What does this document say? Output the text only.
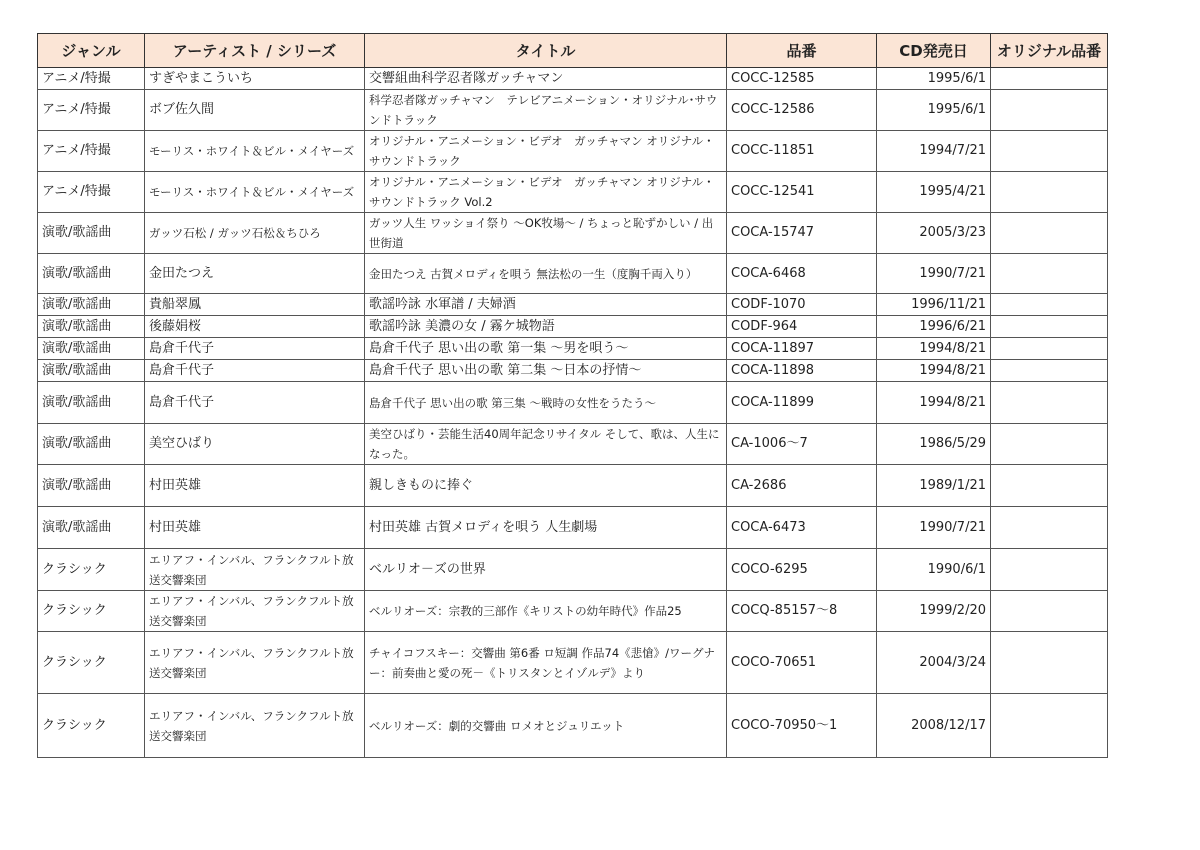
ジャンル	アーティスト / シリーズ	タイトル	品番	CD発売日	オリジナル品番
アニメ/特撮	すぎやまこういち	交響組曲科学忍者隊ガッチャマン	COCC-12585	1995/6/1	
アニメ/特撮	ボブ佐久間	科学忍者隊ガッチャマン　テレビアニメーション・オリジナル･サウンドトラック	COCC-12586	1995/6/1	
アニメ/特撮	モーリス・ホワイト＆ビル・メイヤーズ	オリジナル・アニメーション・ビデオ　ガッチャマン オリジナル・サウンドトラック	COCC-11851	1994/7/21	
アニメ/特撮	モーリス・ホワイト＆ビル・メイヤーズ	オリジナル・アニメーション・ビデオ　ガッチャマン オリジナル・サウンドトラック Vol.2	COCC-12541	1995/4/21	
演歌/歌謡曲	ガッツ石松 / ガッツ石松＆ちひろ	ガッツ人生 ワッショイ祭り 〜OK牧場〜 / ちょっと恥ずかしい / 出世街道	COCA-15747	2005/3/23	
演歌/歌謡曲	金田たつえ	金田たつえ 古賀メロディを唄う 無法松の一生（度胸千両入り）	COCA-6468	1990/7/21	
演歌/歌謡曲	貴船翠鳳	歌謡吟詠 水軍譜 / 夫婦酒	CODF-1070	1996/11/21	
演歌/歌謡曲	後藤娟桜	歌謡吟詠 美濃の女 / 霧ケ城物語	CODF-964	1996/6/21	
演歌/歌謡曲	島倉千代子	島倉千代子 思い出の歌 第一集 〜男を唄う〜	COCA-11897	1994/8/21	
演歌/歌謡曲	島倉千代子	島倉千代子 思い出の歌 第二集 〜日本の抒情〜	COCA-11898	1994/8/21	
演歌/歌謡曲	島倉千代子	島倉千代子 思い出の歌 第三集 〜戦時の女性をうたう〜	COCA-11899	1994/8/21	
演歌/歌謡曲	美空ひばり	美空ひばり・芸能生活40周年記念リサイタル そして、歌は、人生になった。	CA-1006〜7	1986/5/29	
演歌/歌謡曲	村田英雄	親しきものに捧ぐ	CA-2686	1989/1/21	
演歌/歌謡曲	村田英雄	村田英雄 古賀メロディを唄う 人生劇場	COCA-6473	1990/7/21	
クラシック	エリアフ・インバル、フランクフルト放送交響楽団	ベルリオ－ズの世界	COCO-6295	1990/6/1	
クラシック	エリアフ・インバル、フランクフルト放送交響楽団	ベルリオーズ：宗教的三部作《キリストの幼年時代》作品25	COCQ-85157〜8	1999/2/20	
クラシック	エリアフ・インバル、フランクフルト放送交響楽団	チャイコフスキー：交響曲 第6番 ロ短調 作品74《悲愴》/ワーグナー：前奏曲と愛の死－《トリスタンとイゾルデ》より	COCO-70651	2004/3/24	
クラシック	エリアフ・インバル、フランクフルト放送交響楽団	ベルリオーズ：劇的交響曲 ロメオとジュリエット	COCO-70950〜1	2008/12/17	
